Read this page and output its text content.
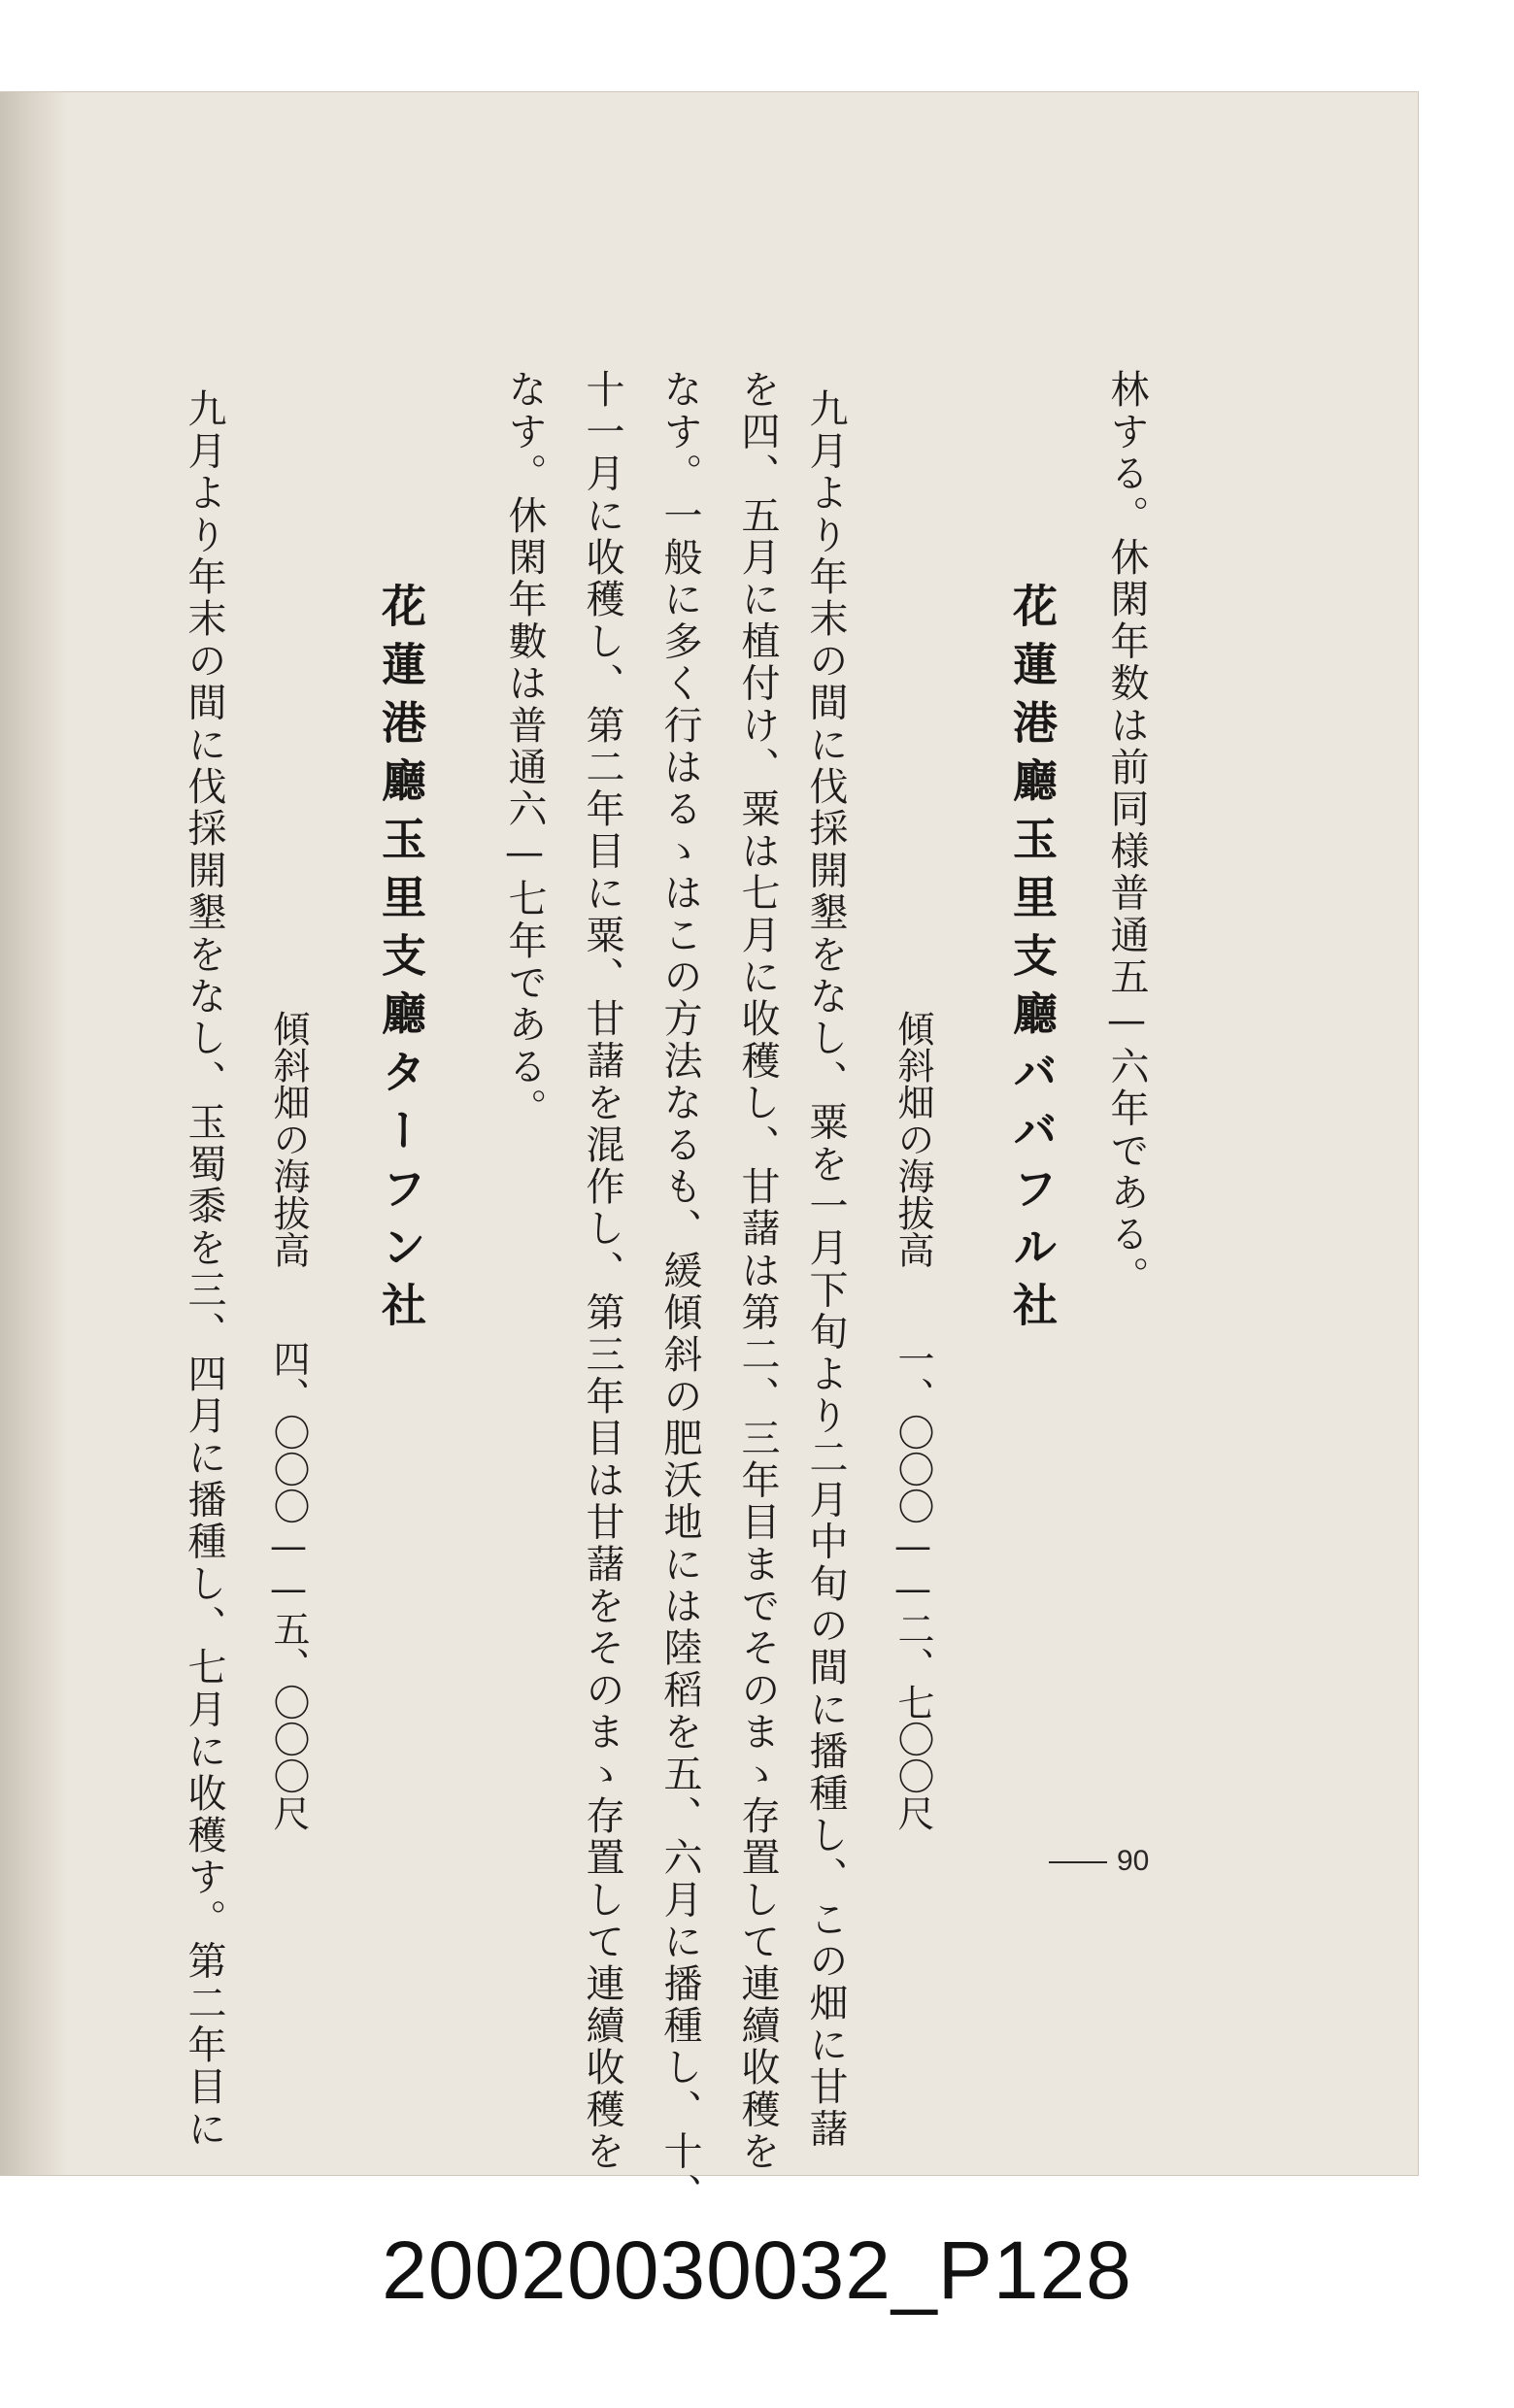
林する。休閑年数は前同様普通五—六年である。
花蓮港廳玉里支廳ババフル社
傾斜畑の海拔高
一、〇〇〇——二、七〇〇尺
九月より年末の間に伐採開墾をなし、粟を一月下旬より二月中旬の間に播種し、この畑に甘藷
を四、五月に植付け、粟は七月に收穫し、甘藷は第二、三年目までそのまゝ存置して連續收穫を
なす。一般に多く行はるゝはこの方法なるも、緩傾斜の肥沃地には陸稻を五、六月に播種し、十、
十一月に收穫し、第二年目に粟、甘藷を混作し、第三年目は甘藷をそのまゝ存置して連續收穫を
なす。休閑年數は普通六—七年である。
花蓮港廳玉里支廳ターフン社
傾斜畑の海拔高
四、〇〇〇——五、〇〇〇尺
九月より年末の間に伐採開墾をなし、玉蜀黍を三、四月に播種し、七月に收穫す。第二年目に	90
20020030032_P128
